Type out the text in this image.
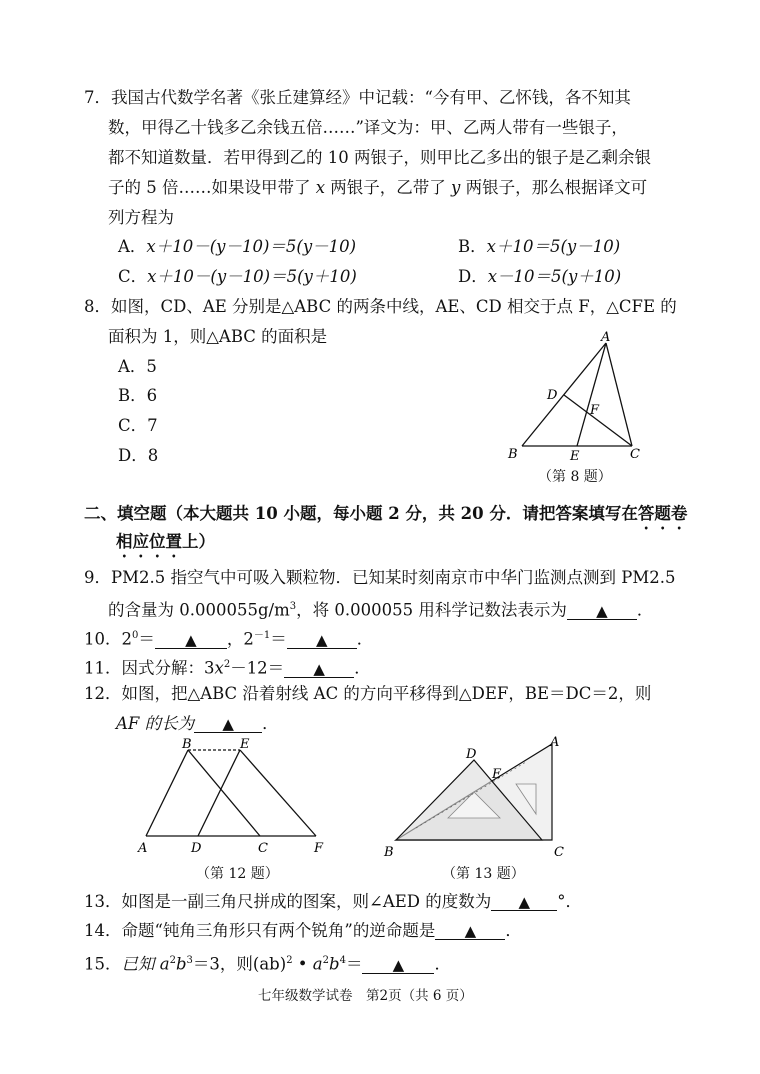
7．我国古代数学名著《张丘建算经》中记载：“今有甲、乙怀钱，各不知其
数，甲得乙十钱多乙余钱五倍……”译文为：甲、乙两人带有一些银子，
都不知道数量．若甲得到乙的 10 两银子，则甲比乙多出的银子是乙剩余银
子的 5 倍……如果设甲带了 x 两银子，乙带了 y 两银子，那么根据译文可
列方程为
A．x＋10－(y－10)＝5(y－10)	B．x＋10＝5(y－10)
C．x＋10－(y－10)＝5(y＋10)	D．x－10＝5(y＋10)
8．如图，CD、AE 分别是△ABC 的两条中线，AE、CD 相交于点 F，△CFE 的
面积为 1，则△ABC 的面积是
A．5
B．6
C．7
D．8
A
D
F
B	E	C
（第 8 题）
二、填空题（本大题共 10 小题，每小题 2 分，共 20 分．请把答案填写在答题卷
相应位置上）
9．PM2.5 指空气中可吸入颗粒物．已知某时刻南京市中华门监测点测到 PM2.5
的含量为 $0.000055g/m^3$，将 0.000055 用科学记数法表示为 ▲ ．
10．$2^0=$ ▲ ，$2^{-1}=$ ▲ ．
11．因式分解：$3x^2-12=$ ▲ ．
12．如图，把△ABC 沿着射线 AC 的方向平移得到△DEF，BE＝DC＝2，则
AF 的长为 ▲ ．
B	E
A	D	C	F
（第 12 题）
D
A
E
B	C
（第 13 题）
13．如图是一副三角尺拼成的图案，则∠AED 的度数为 ▲ °．
14．命题“钝角三角形只有两个锐角”的逆命题是 ▲ ．
15．已知 $a^2b^3=3$，则(ab)$^2$ • $a^2b^4=$ ▲ ．
七年级数学试卷　第2页（共 6 页）
